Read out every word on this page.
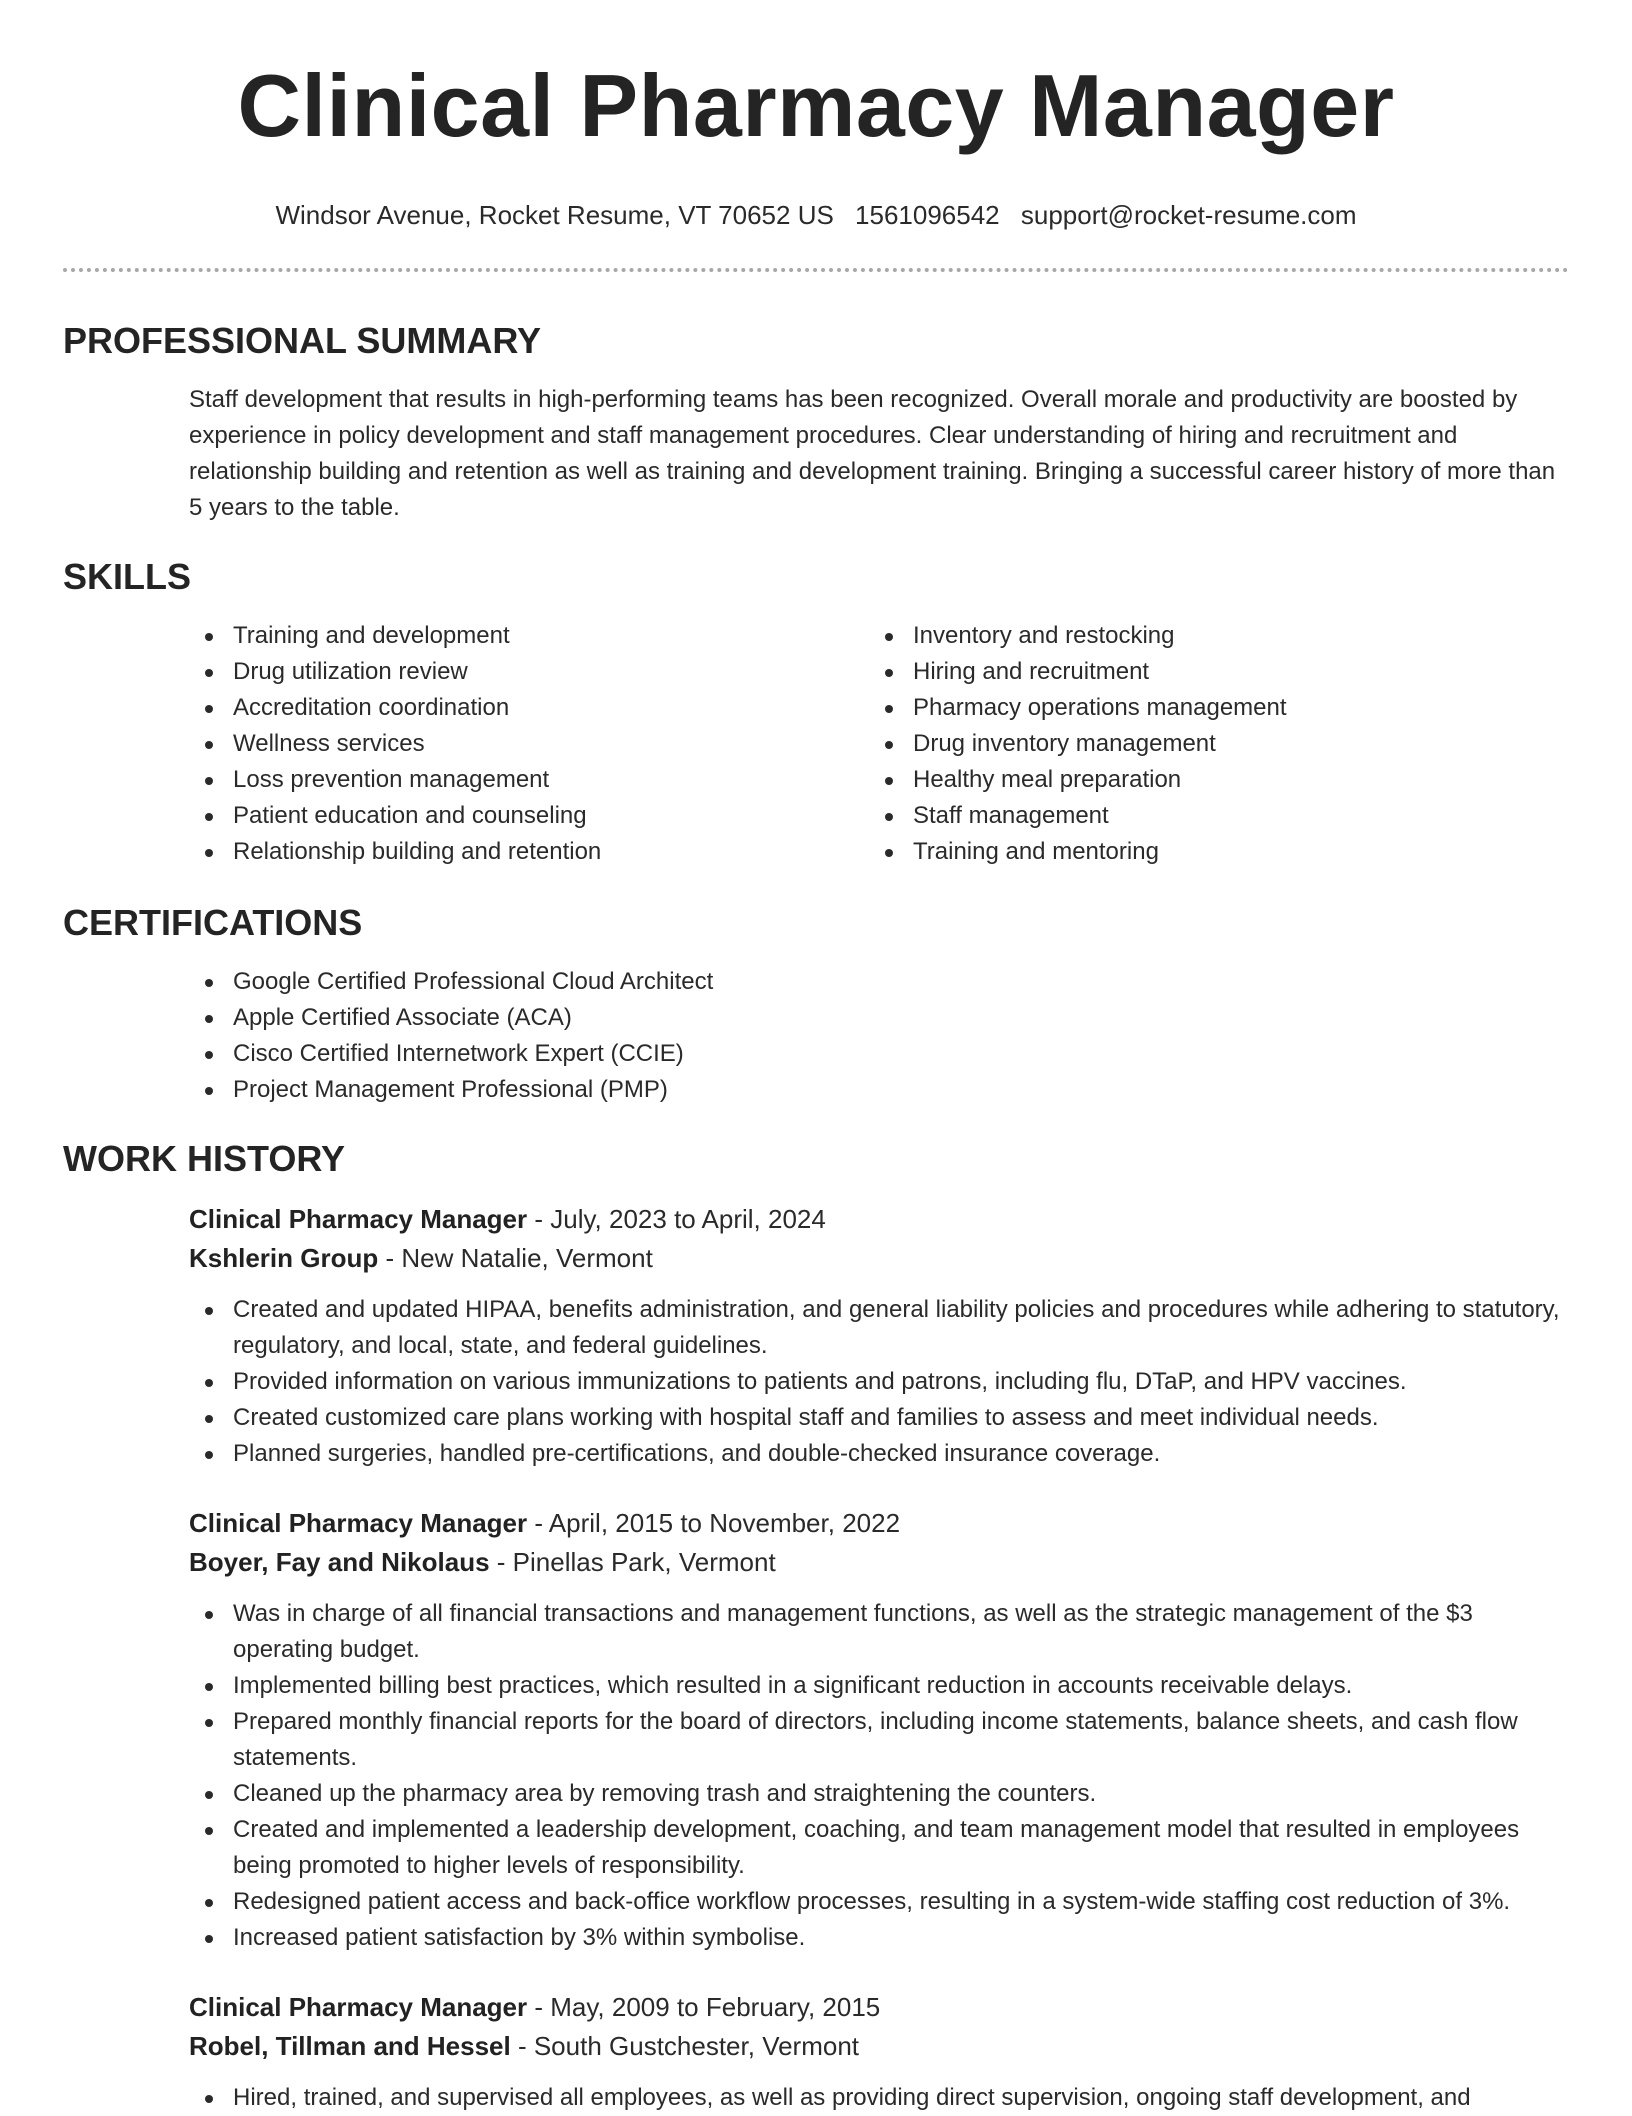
Clinical Pharmacy Manager
Windsor Avenue, Rocket Resume, VT 70652 US 1561096542 support@rocket-resume.com
PROFESSIONAL SUMMARY

Staff development that results in high-performing teams has been recognized. Overall morale and productivity are boosted by experience in policy development and staff management procedures. Clear understanding of hiring and recruitment and relationship building and retention as well as training and development training. Bringing a successful career history of more than 5 years to the table.

SKILLS
Training and development
Drug utilization review
Accreditation coordination
Wellness services
Loss prevention management
Patient education and counseling
Relationship building and retention
Inventory and restocking
Hiring and recruitment
Pharmacy operations management
Drug inventory management
Healthy meal preparation
Staff management
Training and mentoring
CERTIFICATIONS
Google Certified Professional Cloud Architect
Apple Certified Associate (ACA)
Cisco Certified Internetwork Expert (CCIE)
Project Management Professional (PMP)
WORK HISTORY
Clinical Pharmacy Manager - July, 2023 to April, 2024
Kshlerin Group - New Natalie, Vermont
Created and updated HIPAA, benefits administration, and general liability policies and procedures while adhering to statutory, regulatory, and local, state, and federal guidelines.
Provided information on various immunizations to patients and patrons, including flu, DTaP, and HPV vaccines.
Created customized care plans working with hospital staff and families to assess and meet individual needs.
Planned surgeries, handled pre-certifications, and double-checked insurance coverage.
Clinical Pharmacy Manager - April, 2015 to November, 2022
Boyer, Fay and Nikolaus - Pinellas Park, Vermont
Was in charge of all financial transactions and management functions, as well as the strategic management of the $3 operating budget.
Implemented billing best practices, which resulted in a significant reduction in accounts receivable delays.
Prepared monthly financial reports for the board of directors, including income statements, balance sheets, and cash flow statements.
Cleaned up the pharmacy area by removing trash and straightening the counters.
Created and implemented a leadership development, coaching, and team management model that resulted in employees being promoted to higher levels of responsibility.
Redesigned patient access and back-office workflow processes, resulting in a system-wide staffing cost reduction of 3%.
Increased patient satisfaction by 3% within symbolise.
Clinical Pharmacy Manager - May, 2009 to February, 2015
Robel, Tillman and Hessel - South Gustchester, Vermont
Hired, trained, and supervised all employees, as well as providing direct supervision, ongoing staff development, and
